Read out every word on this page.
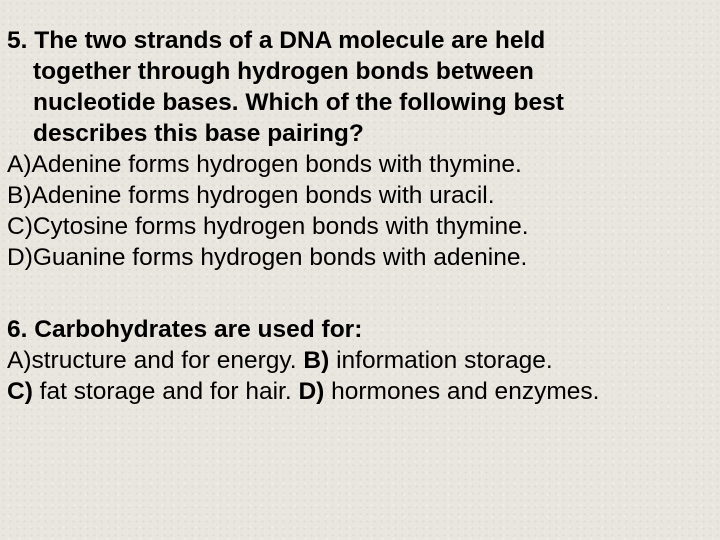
5. The two strands of a DNA molecule are held
together through hydrogen bonds between
nucleotide bases. Which of the following best
describes this base pairing?
A)Adenine forms hydrogen bonds with thymine.
B)Adenine forms hydrogen bonds with uracil.
C)Cytosine forms hydrogen bonds with thymine.
D)Guanine forms hydrogen bonds with adenine.
6. Carbohydrates are used for:
A)structure and for energy. B) information storage.
C) fat storage and for hair. D) hormones and enzymes.
